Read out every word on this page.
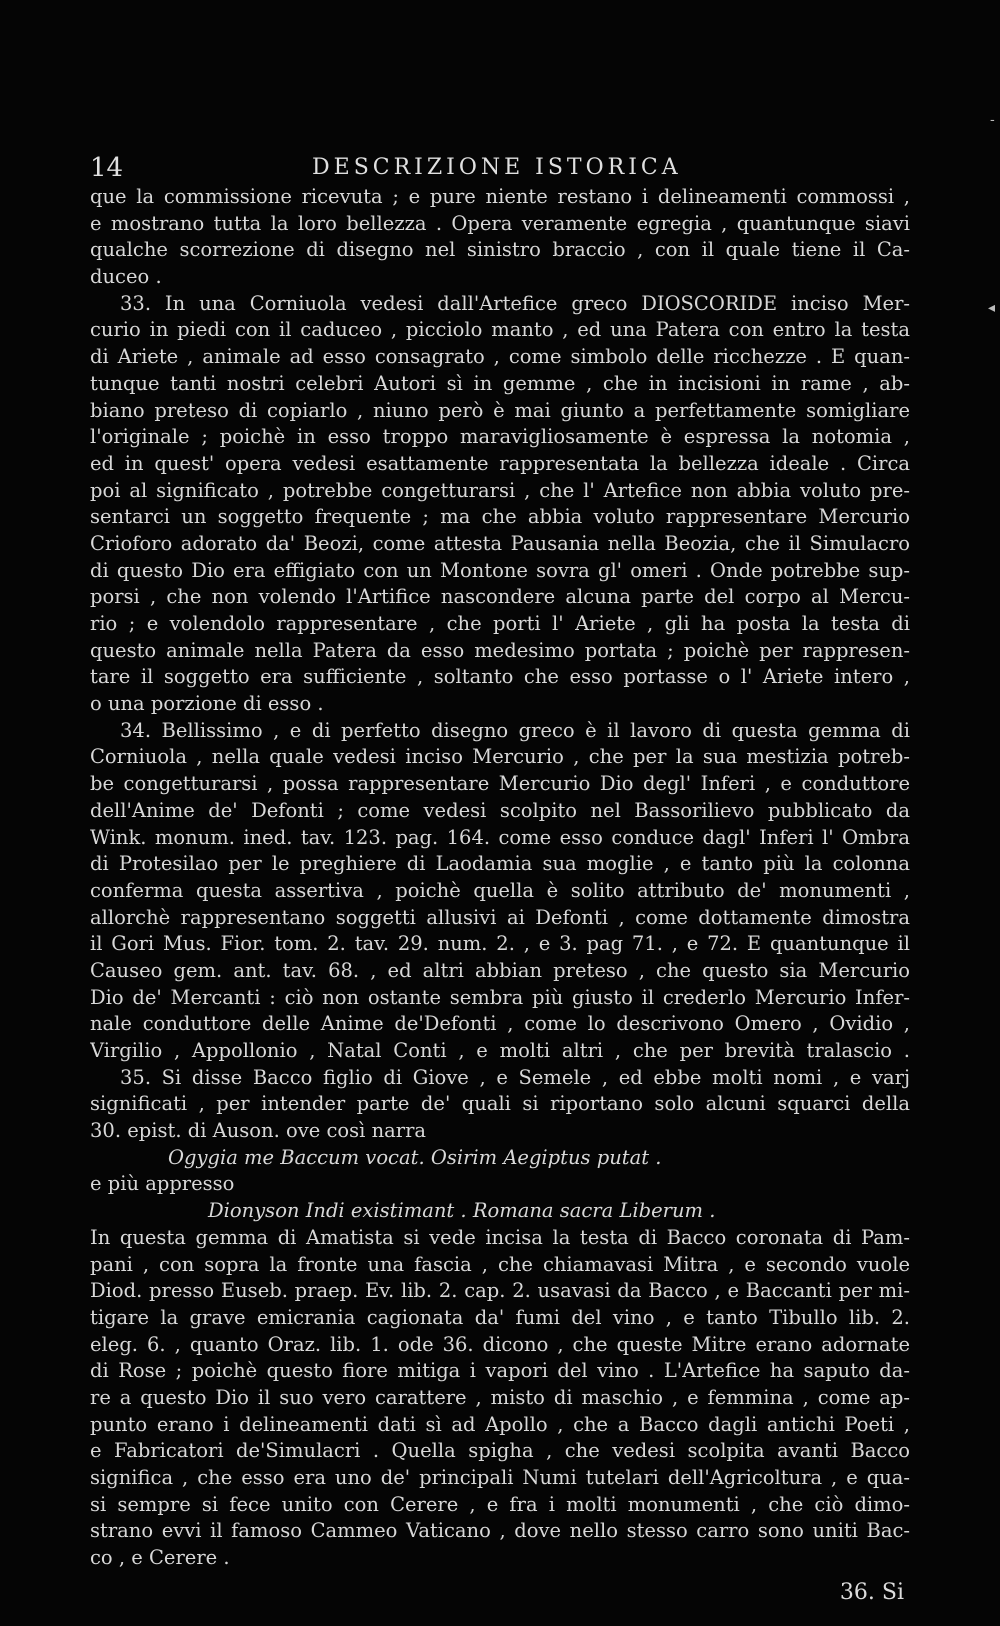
14	DESCRIZIONE ISTORICA
que la commissione ricevuta ; e pure niente restano i delineamenti commossi ,
e mostrano tutta la loro bellezza . Opera veramente egregia , quantunque siavi
qualche scorrezione di disegno nel sinistro braccio , con il quale tiene il Ca-
duceo .
33. In una Corniuola vedesi dall'Artefice greco DIOSCORIDE inciso Mer-
curio in piedi con il caduceo , picciolo manto , ed una Patera con entro la testa
di Ariete , animale ad esso consagrato , come simbolo delle ricchezze . E quan-
tunque tanti nostri celebri Autori sì in gemme , che in incisioni in rame , ab-
biano preteso di copiarlo , niuno però è mai giunto a perfettamente somigliare
l'originale ; poichè in esso troppo maravigliosamente è espressa la notomia ,
ed in quest' opera vedesi esattamente rappresentata la bellezza ideale . Circa
poi al significato , potrebbe congetturarsi , che l' Artefice non abbia voluto pre-
sentarci un soggetto frequente ; ma che abbia voluto rappresentare Mercurio
Crioforo adorato da' Beozi, come attesta Pausania nella Beozia, che il Simulacro
di questo Dio era effigiato con un Montone sovra gl' omeri . Onde potrebbe sup-
porsi , che non volendo l'Artifice nascondere alcuna parte del corpo al Mercu-
rio ; e volendolo rappresentare , che porti l' Ariete , gli ha posta la testa di
questo animale nella Patera da esso medesimo portata ; poichè per rappresen-
tare il soggetto era sufficiente , soltanto che esso portasse o l' Ariete intero ,
o una porzione di esso .
34. Bellissimo , e di perfetto disegno greco è il lavoro di questa gemma di
Corniuola , nella quale vedesi inciso Mercurio , che per la sua mestizia potreb-
be congetturarsi , possa rappresentare Mercurio Dio degl' Inferi , e conduttore
dell'Anime de' Defonti ; come vedesi scolpito nel Bassorilievo pubblicato da
Wink. monum. ined. tav. 123. pag. 164. come esso conduce dagl' Inferi l' Ombra
di Protesilao per le preghiere di Laodamia sua moglie , e tanto più la colonna
conferma questa assertiva , poichè quella è solito attributo de' monumenti ,
allorchè rappresentano soggetti allusivi ai Defonti , come dottamente dimostra
il Gori Mus. Fior. tom. 2. tav. 29. num. 2. , e 3. pag 71. , e 72. E quantunque il
Causeo gem. ant. tav. 68. , ed altri abbian preteso , che questo sia Mercurio
Dio de' Mercanti : ciò non ostante sembra più giusto il crederlo Mercurio Infer-
nale conduttore delle Anime de'Defonti , come lo descrivono Omero , Ovidio ,
Virgilio , Appollonio , Natal Conti , e molti altri , che per brevità tralascio .
35. Si disse Bacco figlio di Giove , e Semele , ed ebbe molti nomi , e varj
significati , per intender parte de' quali si riportano solo alcuni squarci della
30. epist. di Auson. ove così narra
Ogygia me Baccum vocat. Osirim Aegiptus putat .
e più appresso
Dionyson Indi existimant . Romana sacra Liberum .
In questa gemma di Amatista si vede incisa la testa di Bacco coronata di Pam-
pani , con sopra la fronte una fascia , che chiamavasi Mitra , e secondo vuole
Diod. presso Euseb. praep. Ev. lib. 2. cap. 2. usavasi da Bacco , e Baccanti per mi-
tigare la grave emicrania cagionata da' fumi del vino , e tanto Tibullo lib. 2.
eleg. 6. , quanto Oraz. lib. 1. ode 36. dicono , che queste Mitre erano adornate
di Rose ; poichè questo fiore mitiga i vapori del vino . L'Artefice ha saputo da-
re a questo Dio il suo vero carattere , misto di maschio , e femmina , come ap-
punto erano i delineamenti dati sì ad Apollo , che a Bacco dagli antichi Poeti ,
e Fabricatori de'Simulacri . Quella spigha , che vedesi scolpita avanti Bacco
significa , che esso era uno de' principali Numi tutelari dell'Agricoltura , e qua-
si sempre si fece unito con Cerere , e fra i molti monumenti , che ciò dimo-
strano evvi il famoso Cammeo Vaticano , dove nello stesso carro sono uniti Bac-
co , e Cerere .
36. Si
-
◂
